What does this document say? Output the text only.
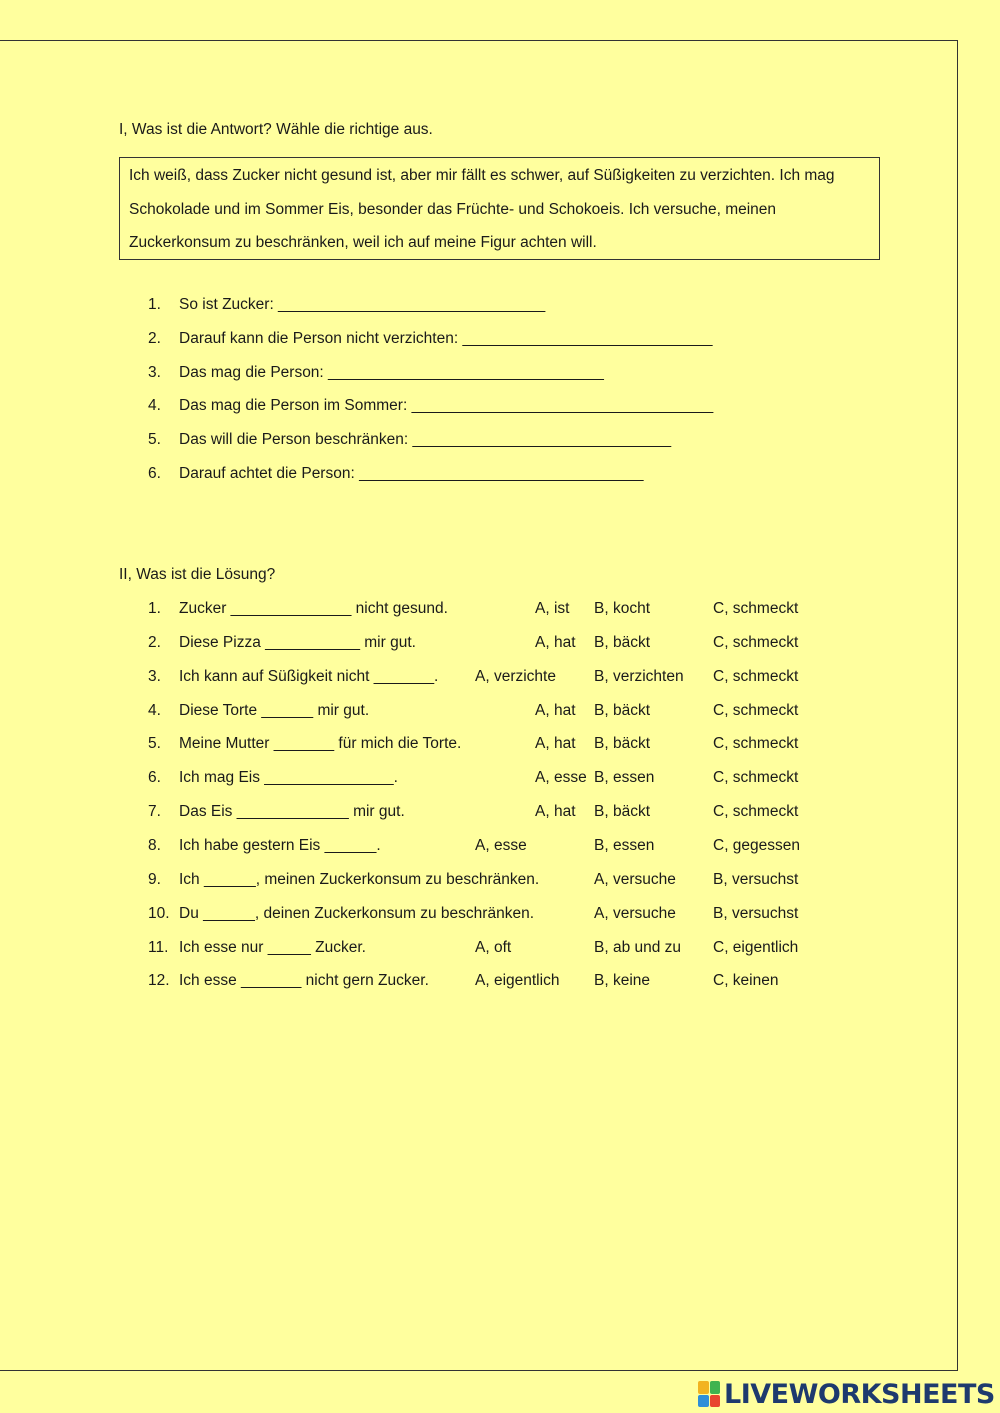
I, Was ist die Antwort? Wähle die richtige aus.
Ich weiß, dass Zucker nicht gesund ist, aber mir fällt es schwer, auf Süßigkeiten zu verzichten. Ich mag Schokolade und im Sommer Eis, besonder das Früchte- und Schokoeis. Ich versuche, meinen Zuckerkonsum zu beschränken, weil ich auf meine Figur achten will.
1. So ist Zucker: _______________________________
2. Darauf kann die Person nicht verzichten: _____________________________
3. Das mag die Person: ________________________________
4. Das mag die Person im Sommer: ___________________________________
5. Das will die Person beschränken: ______________________________
6. Darauf achtet die Person: _________________________________
II, Was ist die Lösung?
1. Zucker ______________ nicht gesund.	A, ist B, kocht	C, schmeckt
2. Diese Pizza ___________ mir gut.	A, hat B, bäckt	C, schmeckt
3. Ich kann auf Süßigkeit nicht _______. A, verzichte B, verzichten C, schmeckt
4. Diese Torte ______ mir gut.	A, hat B, bäckt	C, schmeckt
5. Meine Mutter _______ für mich die Torte.	A, hat B, bäckt	C, schmeckt
6. Ich mag Eis _______________.	A, esse B, essen	C, schmeckt
7. Das Eis _____________ mir gut.	A, hat B, bäckt	C, schmeckt
8. Ich habe gestern Eis ______.	A, esse	B, essen	C, gegessen
9. Ich ______, meinen Zuckerkonsum zu beschränken.	A, versuche B, versuchst
10. Du ______, deinen Zuckerkonsum zu beschränken.	A, versuche B, versuchst
11. Ich esse nur _____ Zucker.	A, oft	B, ab und zu C, eigentlich
12. Ich esse _______ nicht gern Zucker.	A, eigentlich B, keine	C, keinen
LIVEWORKSHEETS
